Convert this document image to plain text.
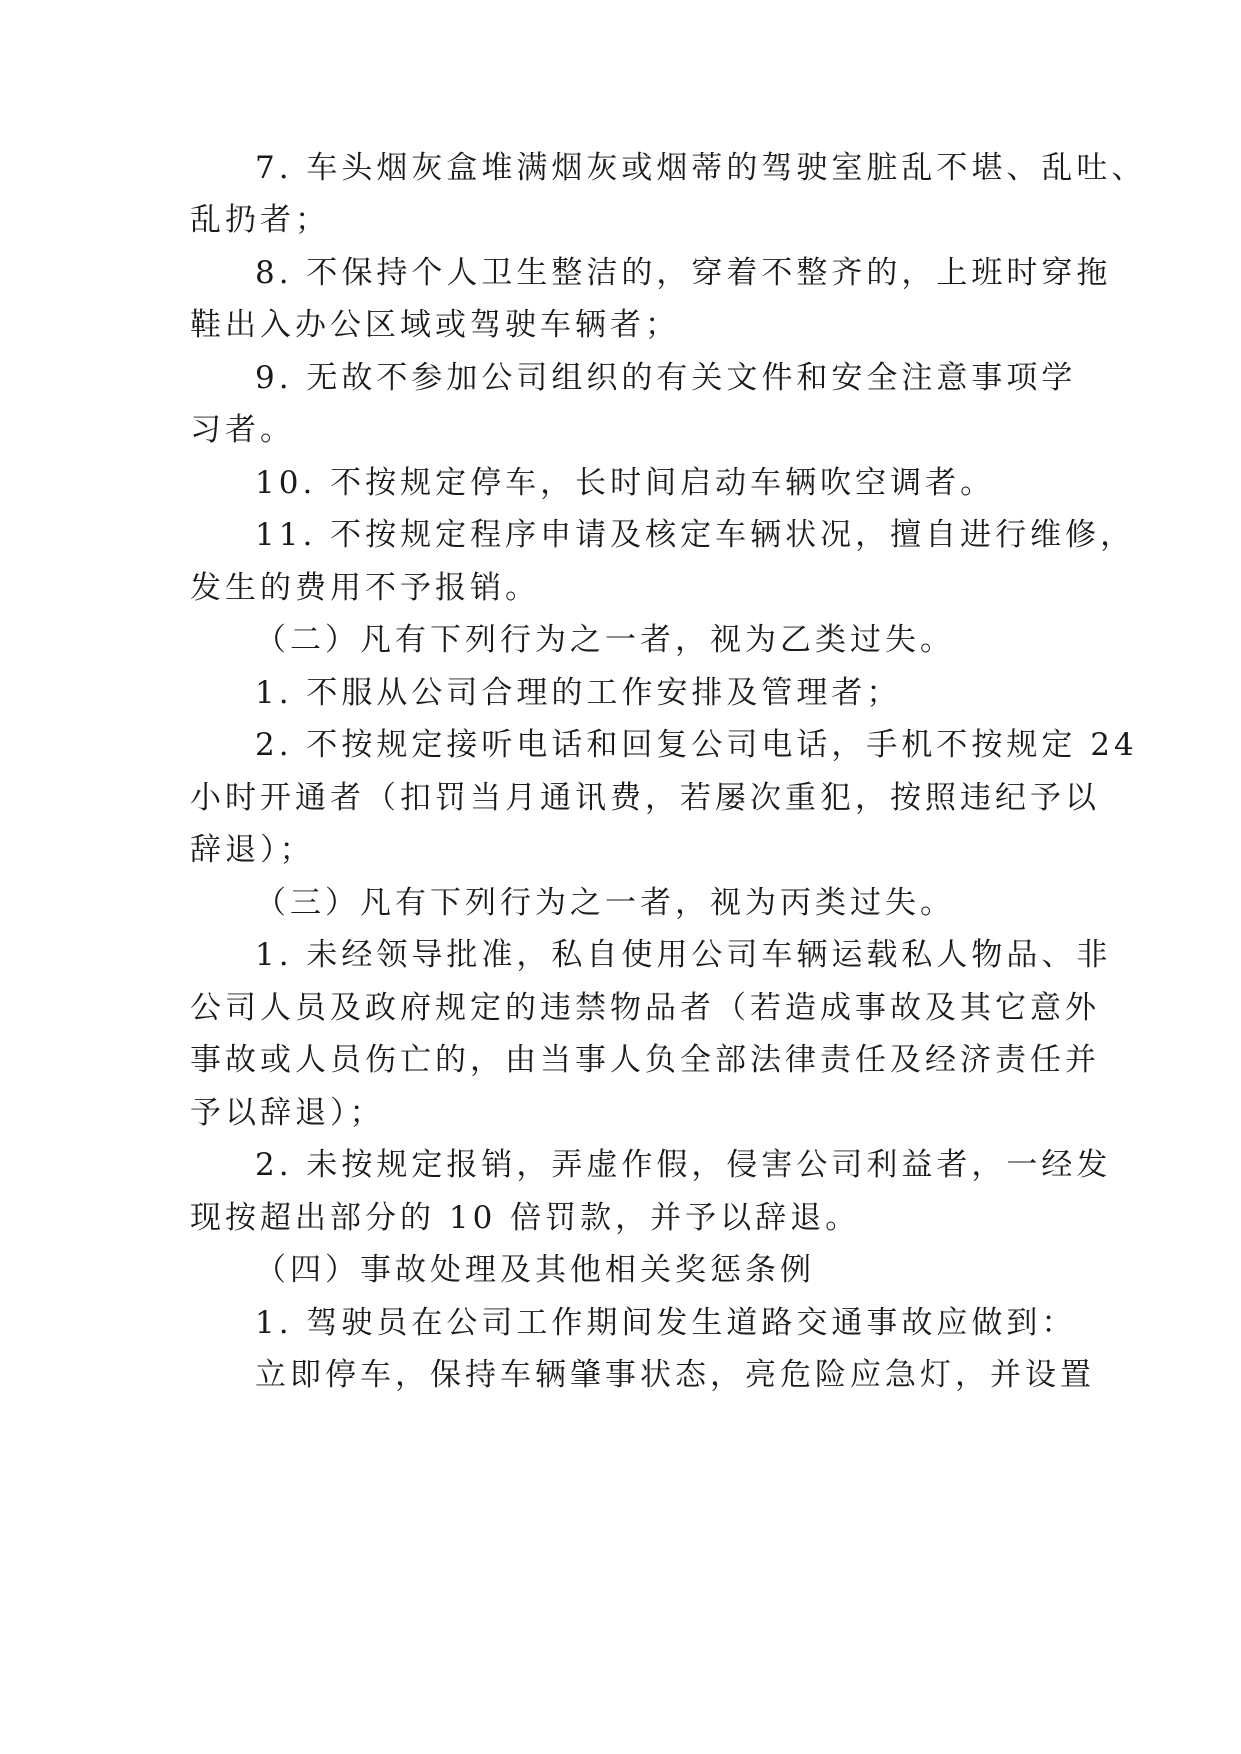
7. 车头烟灰盒堆满烟灰或烟蒂的驾驶室脏乱不堪、乱吐、
乱扔者；
8. 不保持个人卫生整洁的，穿着不整齐的，上班时穿拖
鞋出入办公区域或驾驶车辆者；
9. 无故不参加公司组织的有关文件和安全注意事项学
习者。
10. 不按规定停车，长时间启动车辆吹空调者。
11. 不按规定程序申请及核定车辆状况，擅自进行维修，
发生的费用不予报销。
（二）凡有下列行为之一者，视为乙类过失。
1. 不服从公司合理的工作安排及管理者；
2. 不按规定接听电话和回复公司电话，手机不按规定 24
小时开通者（扣罚当月通讯费，若屡次重犯，按照违纪予以
辞退）；
（三）凡有下列行为之一者，视为丙类过失。
1. 未经领导批准，私自使用公司车辆运载私人物品、非
公司人员及政府规定的违禁物品者（若造成事故及其它意外
事故或人员伤亡的，由当事人负全部法律责任及经济责任并
予以辞退）；
2. 未按规定报销，弄虚作假，侵害公司利益者，一经发
现按超出部分的 10 倍罚款，并予以辞退。
（四）事故处理及其他相关奖惩条例
1. 驾驶员在公司工作期间发生道路交通事故应做到：
立即停车，保持车辆肇事状态，亮危险应急灯，并设置
